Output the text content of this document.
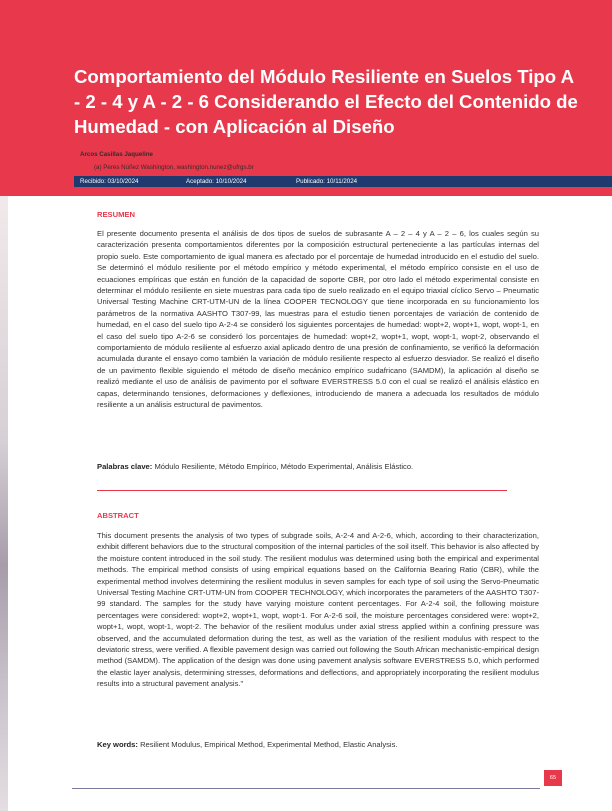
Comportamiento del Módulo Resiliente en Suelos Tipo A - 2 - 4 y A - 2 - 6 Considerando el Efecto del Contenido de Humedad - con Aplicación al Diseño
Arcos Casillas Jaqueline
(a) Peres Núñez Washington, washington.nunez@ufrgs.br
Recibido: 03/10/2024	Aceptado: 10/10/2024	Publicado: 10/11/2024
RESUMEN
El presente documento presenta el análisis de dos tipos de suelos de subrasante A – 2 – 4 y A – 2 – 6, los cuales según su caracterización presenta comportamientos diferentes por la composición estructural perteneciente a las partículas internas del propio suelo. Este comportamiento de igual manera es afectado por el porcentaje de humedad introducido en el estudio del suelo. Se determinó el módulo resiliente por el método empírico y método experimental, el método empírico consiste en el uso de ecuaciones empíricas que están en función de la capacidad de soporte CBR, por otro lado el método experimental consiste en determinar el módulo resiliente en siete muestras para cada tipo de suelo realizado en el equipo triaxial cíclico Servo – Pneumatic Universal Testing Machine CRT-UTM-UN de la línea COOPER TECNOLOGY que tiene incorporada en su funcionamiento los parámetros de la normativa AASHTO T307-99, las muestras para el estudio tienen porcentajes de variación de contenido de humedad, en el caso del suelo tipo A-2-4 se consideró los siguientes porcentajes de humedad: wopt+2, wopt+1, wopt, wopt-1, en el caso del suelo tipo A-2-6 se consideró los porcentajes de humedad: wopt+2, wopt+1, wopt, wopt-1, wopt-2, observando el comportamiento de módulo resiliente al esfuerzo axial aplicado dentro de una presión de confinamiento, se verificó la deformación acumulada durante el ensayo como también la variación de módulo resiliente respecto al esfuerzo desviador. Se realizó el diseño de un pavimento flexible siguiendo el método de diseño mecánico empírico sudafricano (SAMDM), la aplicación al diseño se realizó mediante el uso de análisis de pavimento por el software EVERSTRESS 5.0 con el cual se realizó el análisis elástico en capas, determinando tensiones, deformaciones y deflexiones, introduciendo de manera a adecuada los resultados de módulo resiliente a un análisis estructural de pavimentos.
Palabras clave: Módulo Resiliente, Método Empírico, Método Experimental, Análisis Elástico.
ABSTRACT
This document presents the analysis of two types of subgrade soils, A-2-4 and A-2-6, which, according to their characterization, exhibit different behaviors due to the structural composition of the internal particles of the soil itself. This behavior is also affected by the moisture content introduced in the soil study. The resilient modulus was determined using both the empirical and experimental methods. The empirical method consists of using empirical equations based on the California Bearing Ratio (CBR), while the experimental method involves determining the resilient modulus in seven samples for each type of soil using the Servo-Pneumatic Universal Testing Machine CRT-UTM-UN from COOPER TECHNOLOGY, which incorporates the parameters of the AASHTO T307-99 standard. The samples for the study have varying moisture content percentages. For A-2-4 soil, the following moisture percentages were considered: wopt+2, wopt+1, wopt, wopt-1. For A-2-6 soil, the moisture percentages considered were: wopt+2, wopt+1, wopt, wopt-1, wopt-2. The behavior of the resilient modulus under axial stress applied within a confining pressure was observed, and the accumulated deformation during the test, as well as the variation of the resilient modulus with respect to the deviatoric stress, were verified. A flexible pavement design was carried out following the South African mechanistic-empirical design method (SAMDM). The application of the design was done using pavement analysis software EVERSTRESS 5.0, which performed the elastic layer analysis, determining stresses, deformations and deflections, and appropriately incorporating the resilient modulus results into a structural pavement analysis."
Key words: Resilient Modulus, Empirical Method, Experimental Method, Elastic Analysis.
65
